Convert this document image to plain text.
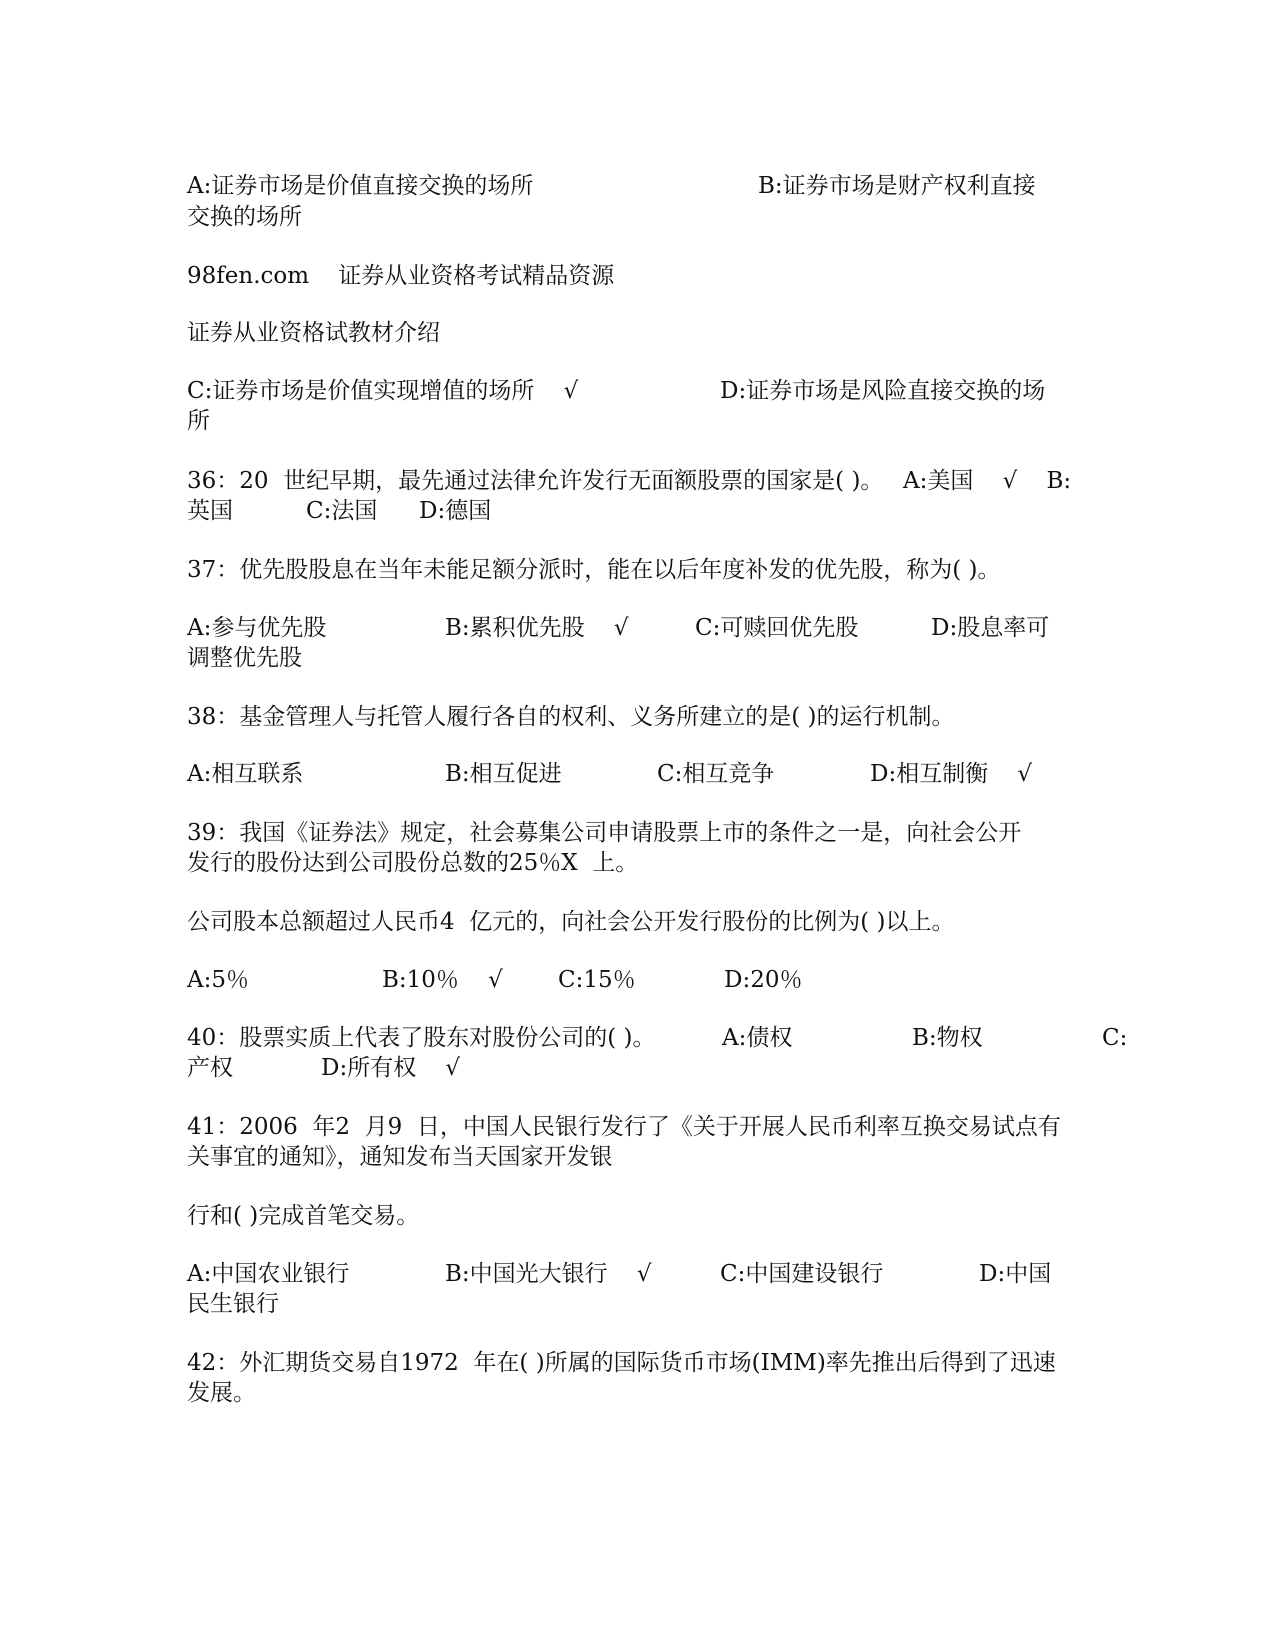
A:证券市场是价值直接交换的场所

	B:证券市场是财产权利直接

交换的场所

98fen.com    证券从业资格考试精品资源

证券从业资格试教材介绍

C:证券市场是价值实现增值的场所    √

	D:证券市场是风险直接交换的场

所

36：20  世纪早期，最先通过法律允许发行无面额股票的国家是( )。

A:美国    √    B:

英国

	C:法国

D:德国

37：优先股股息在当年未能足额分派时，能在以后年度补发的优先股，称为( )。

A:参与优先股

	B:累积优先股    √

	C:可赎回优先股

	D:股息率可

调整优先股

38：基金管理人与托管人履行各自的权利、义务所建立的是( )的运行机制。

A:相互联系

	B:相互促进

	C:相互竞争

	D:相互制衡    √

39：我国《证券法》规定，社会募集公司申请股票上市的条件之一是，向社会公开

发行的股份达到公司股份总数的25％X  上。

公司股本总额超过人民币4  亿元的，向社会公开发行股份的比例为( )以上。

A:5％

	B:10％    √

C:15％

	D:20％

40：股票实质上代表了股东对股份公司的( )。

	A:债权

	B:物权

	C:

产权

	D:所有权    √

41：2006  年2  月9  日，中国人民银行发行了《关于开展人民币利率互换交易试点有

关事宜的通知》，通知发布当天国家开发银

行和( )完成首笔交易。

A:中国农业银行

	B:中国光大银行    √

	C:中国建设银行

	D:中国

民生银行

42：外汇期货交易自1972  年在( )所属的国际货币市场(IMM)率先推出后得到了迅速

发展。
